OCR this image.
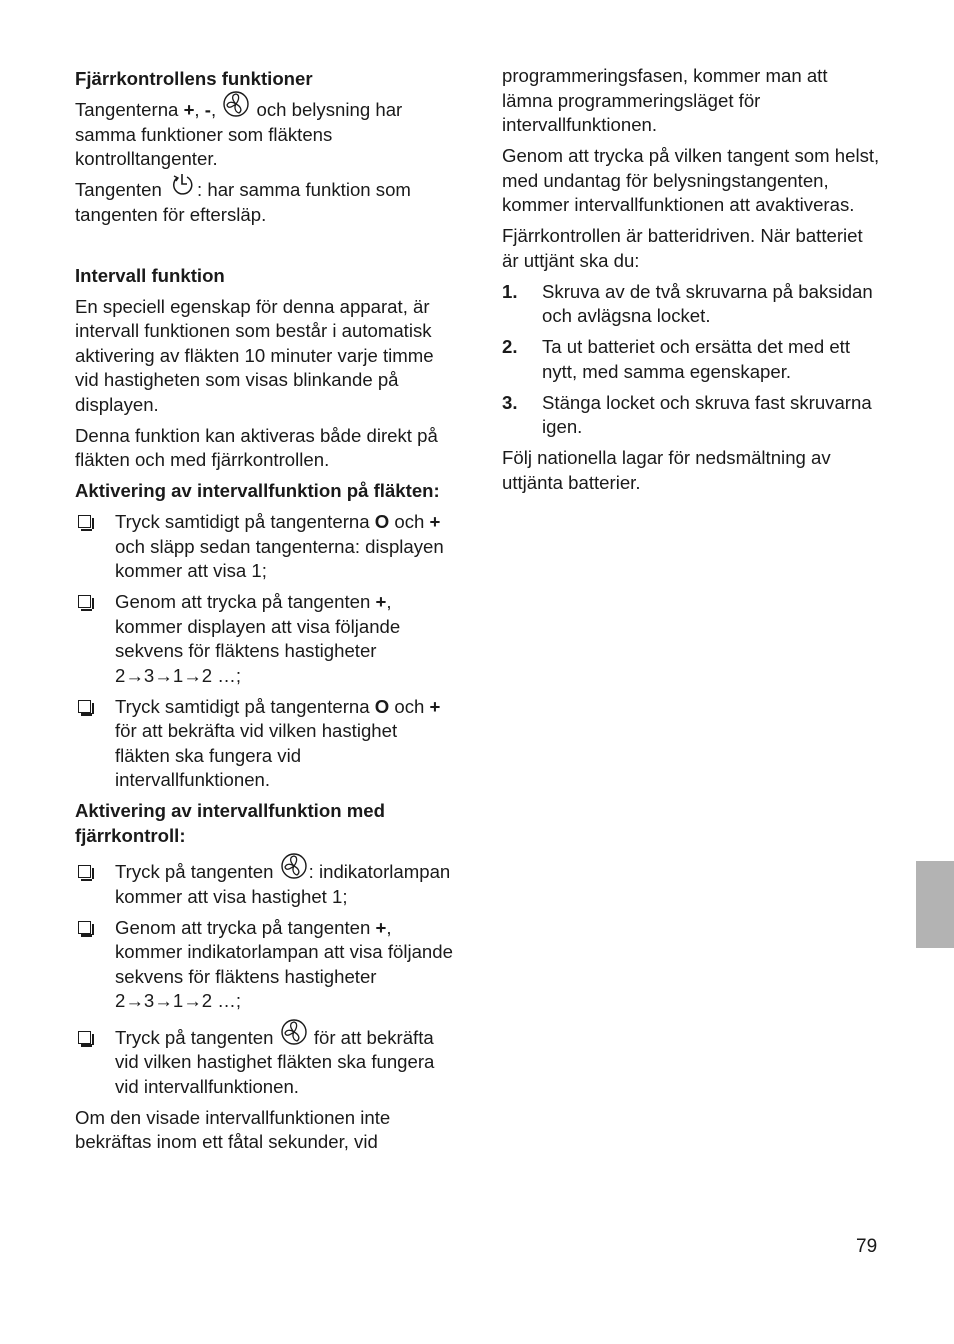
Fjärrkontrollens funktioner

Tangenterna +, -,
och belysning har samma funktioner som fläktens kontrolltangenter.

Tangenten
: har samma funktion som tangenten för eftersläp.

Intervall funktion

En speciell egenskap för denna apparat, är intervall funktionen som består i automatisk aktivering av fläkten 10 minuter varje timme vid hastigheten som visas blinkande på displayen.

Denna funktion kan aktiveras både direkt på fläkten och med fjärrkontrollen.

Aktivering av intervallfunktion på fläkten:

Tryck samtidigt på tangenterna O och + och släpp sedan tangenterna: displayen kommer att visa 1;
Genom att trycka på tangenten +, kommer displayen att visa följande sekvens för fläktens hastigheter 2→3→1→2 …;
Tryck samtidigt på tangenterna O och + för att bekräfta vid vilken hastighet fläkten ska fungera vid intervallfunktionen.

Aktivering av intervallfunktion med fjärrkontroll:

Tryck på tangenten
: indikatorlampan kommer att visa hastighet 1;
Genom att trycka på tangenten +, kommer indikatorlampan att visa följande sekvens för fläktens hastigheter 2→3→1→2 …;
Tryck på tangenten
för att bekräfta vid vilken hastighet fläkten ska fungera vid intervallfunktionen.

Om den visade intervallfunktionen inte bekräftas inom ett fåtal sekunder, vid

programmeringsfasen, kommer man att lämna programmeringsläget för intervallfunktionen.

Genom att trycka på vilken tangent som helst, med undantag för belysningstangenten, kommer intervallfunktionen att avaktiveras.

Fjärrkontrollen är batteridriven. När batteriet är uttjänt ska du:

1. Skruva av de två skruvarna på baksidan och avlägsna locket.
2. Ta ut batteriet och ersätta det med ett nytt, med samma egenskaper.
3. Stänga locket och skruva fast skruvarna igen.

Följ nationella lagar för nedsmältning av uttjänta batterier.

79
